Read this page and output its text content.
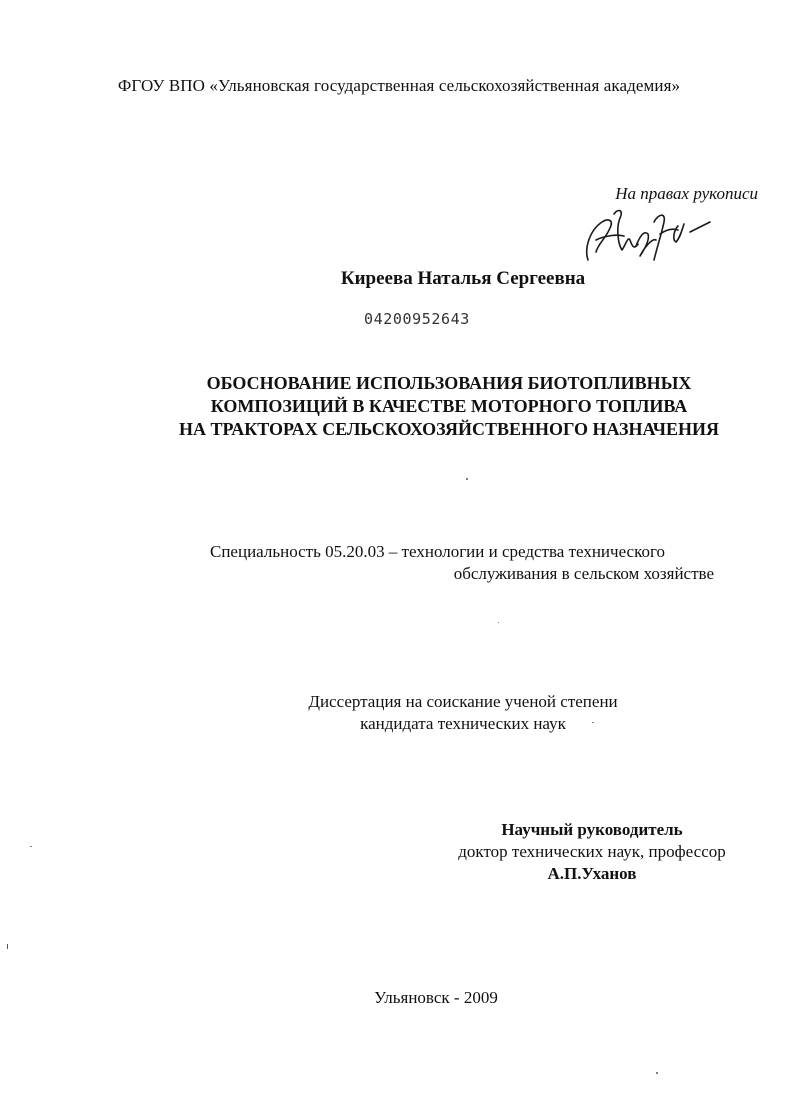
ФГОУ ВПО «Ульяновская государственная сельскохозяйственная академия»
На правах рукописи
Киреева Наталья Сергеевна
04200952643
ОБОСНОВАНИЕ ИСПОЛЬЗОВАНИЯ БИОТОПЛИВНЫХ
КОМПОЗИЦИЙ В КАЧЕСТВЕ МОТОРНОГО ТОПЛИВА
НА ТРАКТОРАХ СЕЛЬСКОХОЗЯЙСТВЕННОГО НАЗНАЧЕНИЯ
Специальность 05.20.03 – технологии и средства технического
обслуживания в сельском хозяйстве
Диссертация на соискание ученой степени
кандидата технических наук
Научный руководитель
доктор технических наук, профессор
А.П.Уханов
Ульяновск - 2009
